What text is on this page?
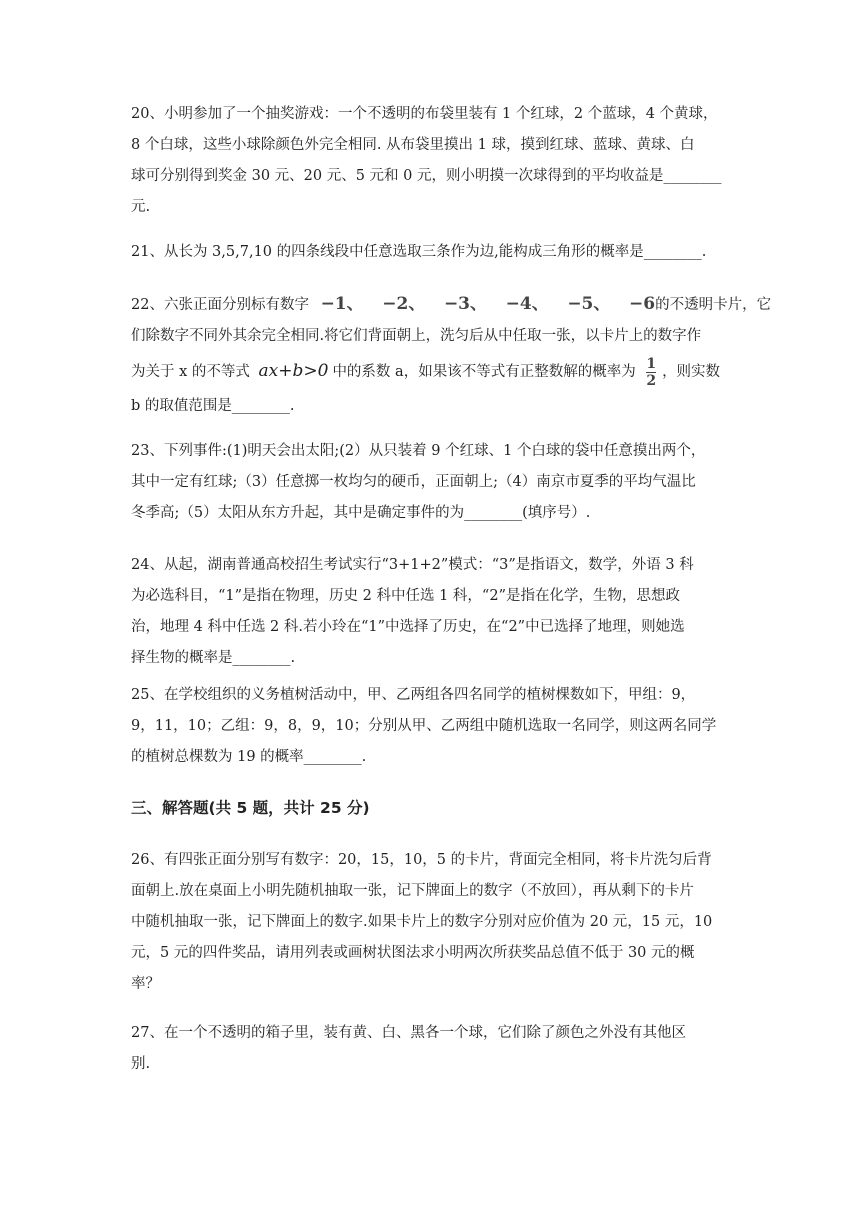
20、小明参加了一个抽奖游戏：一个不透明的布袋里装有 1 个红球，2 个蓝球，4 个黄球，
8 个白球，这些小球除颜色外完全相同. 从布袋里摸出 1 球，摸到红球、蓝球、黄球、白
球可分别得到奖金 30 元、20 元、5 元和 0 元，则小明摸一次球得到的平均收益是________
元.
21、从长为 3,5,7,10 的四条线段中任意选取三条作为边,能构成三角形的概率是________.
22、六张正面分别标有数字 −1、 −2、 −3、 −4、 −5、 −6的不透明卡片，它
们除数字不同外其余完全相同.将它们背面朝上，洗匀后从中任取一张，以卡片上的数字作
为关于 x 的不等式 ax+b>0 中的系数 a，如果该不等式有正整数解的概率为 $\frac{1}{2}$ ，则实数
b 的取值范围是________.
23、下列事件:(1)明天会出太阳;(2）从只装着 9 个红球、1 个白球的袋中任意摸出两个，
其中一定有红球;（3）任意掷一枚均匀的硬币，正面朝上;（4）南京市夏季的平均气温比
冬季高;（5）太阳从东方升起，其中是确定事件的为________(填序号）.
24、从起，湖南普通高校招生考试实行“3+1+2”模式：“3”是指语文，数学，外语 3 科
为必选科目，“1”是指在物理，历史 2 科中任选 1 科，“2”是指在化学，生物，思想政
治，地理 4 科中任选 2 科.若小玲在“1”中选择了历史，在“2”中已选择了地理，则她选
择生物的概率是________.
25、在学校组织的义务植树活动中，甲、乙两组各四名同学的植树棵数如下，甲组：9，
9，11，10；乙组：9，8，9，10；分别从甲、乙两组中随机选取一名同学，则这两名同学
的植树总棵数为 19 的概率________.
三、解答题(共 5 题，共计 25 分)
26、有四张正面分别写有数字：20，15，10，5 的卡片，背面完全相同，将卡片洗匀后背
面朝上.放在桌面上小明先随机抽取一张，记下牌面上的数字（不放回），再从剩下的卡片
中随机抽取一张，记下牌面上的数字.如果卡片上的数字分别对应价值为 20 元，15 元，10
元，5 元的四件奖品，请用列表或画树状图法求小明两次所获奖品总值不低于 30 元的概
率？
27、在一个不透明的箱子里，装有黄、白、黑各一个球，它们除了颜色之外没有其他区
别.
